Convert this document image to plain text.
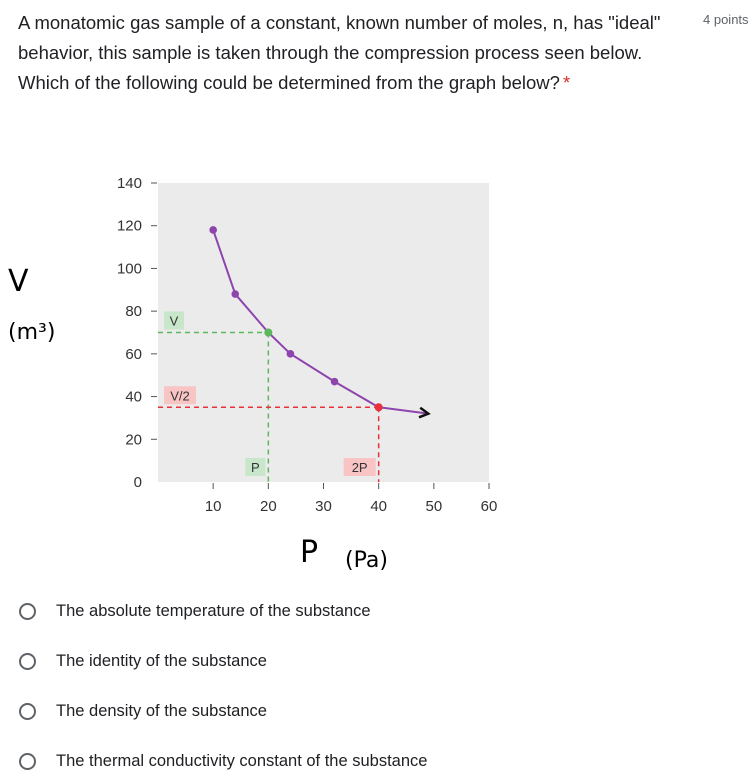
A monatomic gas sample of a constant, known number of moles, n, has "ideal" behavior, this sample is taken through the compression process seen below. Which of the following could be determined from the graph below? *
4 points
V
(m³)
P (Pa)
0
20
40
60
80
100
120
140
10	20	30	40	50	60
V
V/2
P	2P
The absolute temperature of the substance
The identity of the substance
The density of the substance
The thermal conductivity constant of the substance
